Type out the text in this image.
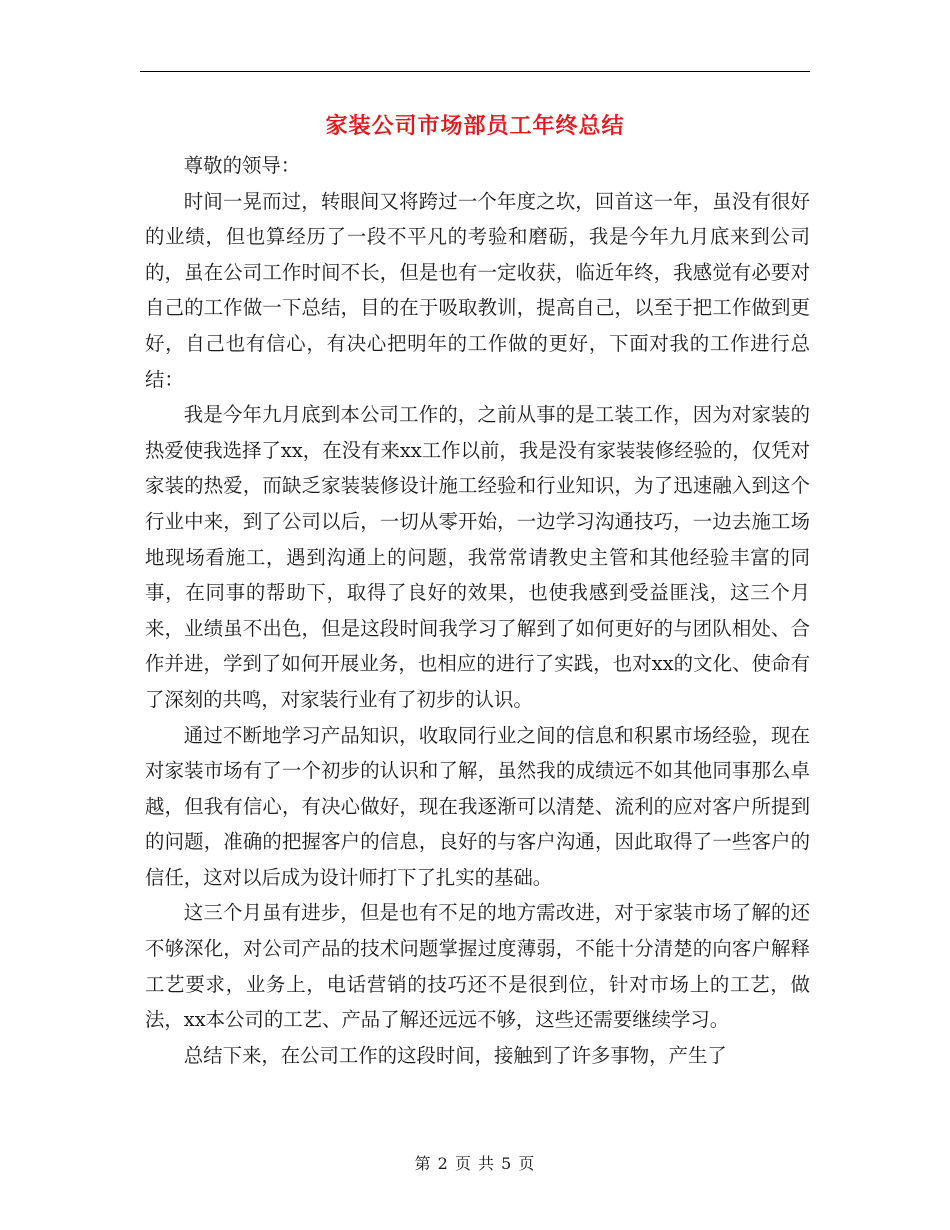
家装公司市场部员工年终总结

尊敬的领导：

时间一晃而过，转眼间又将跨过一个年度之坎，回首这一年，虽没有很好的业绩，但也算经历了一段不平凡的考验和磨砺，我是今年九月底来到公司的，虽在公司工作时间不长，但是也有一定收获，临近年终，我感觉有必要对自己的工作做一下总结，目的在于吸取教训，提高自己，以至于把工作做到更好，自己也有信心，有决心把明年的工作做的更好，下面对我的工作进行总结：

我是今年九月底到本公司工作的，之前从事的是工装工作，因为对家装的热爱使我选择了xx，在没有来xx工作以前，我是没有家装装修经验的，仅凭对家装的热爱，而缺乏家装装修设计施工经验和行业知识，为了迅速融入到这个行业中来，到了公司以后，一切从零开始，一边学习沟通技巧，一边去施工场地现场看施工，遇到沟通上的问题，我常常请教史主管和其他经验丰富的同事，在同事的帮助下，取得了良好的效果，也使我感到受益匪浅，这三个月来，业绩虽不出色，但是这段时间我学习了解到了如何更好的与团队相处、合作并进，学到了如何开展业务，也相应的进行了实践，也对xx的文化、使命有了深刻的共鸣，对家装行业有了初步的认识。

通过不断地学习产品知识，收取同行业之间的信息和积累市场经验，现在对家装市场有了一个初步的认识和了解，虽然我的成绩远不如其他同事那么卓越，但我有信心，有决心做好，现在我逐渐可以清楚、流利的应对客户所提到的问题，准确的把握客户的信息，良好的与客户沟通，因此取得了一些客户的信任，这对以后成为设计师打下了扎实的基础。

这三个月虽有进步，但是也有不足的地方需改进，对于家装市场了解的还不够深化，对公司产品的技术问题掌握过度薄弱，不能十分清楚的向客户解释工艺要求，业务上，电话营销的技巧还不是很到位，针对市场上的工艺，做法，xx本公司的工艺、产品了解还远远不够，这些还需要继续学习。

总结下来，在公司工作的这段时间，接触到了许多事物，产生了

第 2 页 共 5 页
